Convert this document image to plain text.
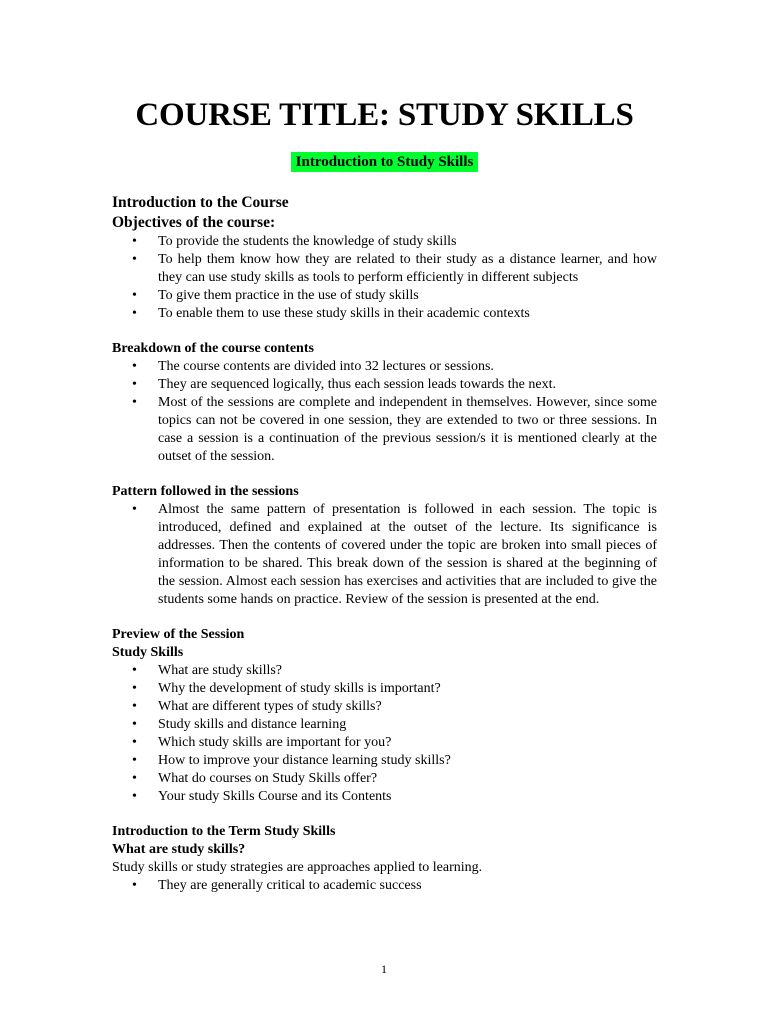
COURSE TITLE: STUDY SKILLS
Introduction to Study Skills
Introduction to the Course
Objectives of the course:
• To provide the students the knowledge of study skills
• To help them know how they are related to their study as a distance learner, and how they can use study skills as tools to perform efficiently in different subjects
• To give them practice in the use of study skills
• To enable them to use these study skills in their academic contexts
Breakdown of the course contents
• The course contents are divided into 32 lectures or sessions.
• They are sequenced logically, thus each session leads towards the next.
• Most of the sessions are complete and independent in themselves. However, since some topics can not be covered in one session, they are extended to two or three sessions. In case a session is a continuation of the previous session/s it is mentioned clearly at the outset of the session.
Pattern followed in the sessions
• Almost the same pattern of presentation is followed in each session. The topic is introduced, defined and explained at the outset of the lecture. Its significance is addresses. Then the contents of covered under the topic are broken into small pieces of information to be shared. This break down of the session is shared at the beginning of the session. Almost each session has exercises and activities that are included to give the students some hands on practice. Review of the session is presented at the end.
Preview of the Session
Study Skills
• What are study skills?
• Why the development of study skills is important?
• What are different types of study skills?
• Study skills and distance learning
• Which study skills are important for you?
• How to improve your distance learning study skills?
• What do courses on Study Skills offer?
• Your study Skills Course and its Contents
Introduction to the Term Study Skills
What are study skills?

Study skills or study strategies are approaches applied to learning.

• They are generally critical to academic success
1
